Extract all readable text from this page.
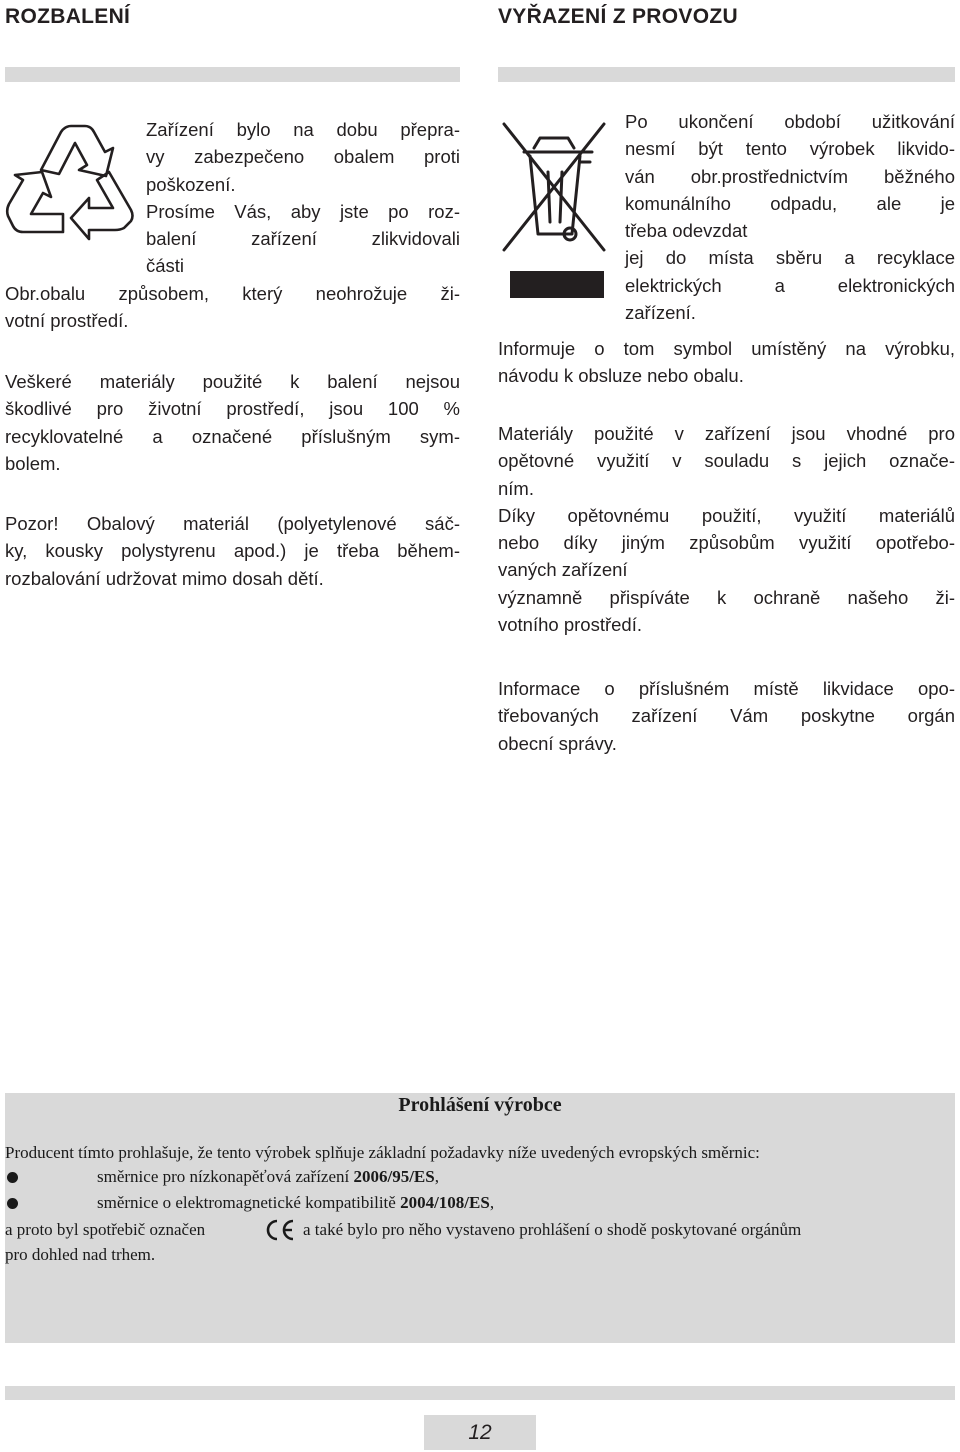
ROZBALENÍ	VYŘAZENÍ Z PROVOZU

Zařízení bylo na dobu přepra-

vy zabezpečeno obalem proti

poškození.

Prosíme Vás, aby jste po roz-

balení zařízení zlikvidovali

části

Obr.obalu způsobem, který neohrožuje ži-

votní prostředí.

Veškeré materiály použité k balení nejsou

škodlivé pro životní prostředí, jsou 100 %

recyklovatelné a označené příslušným sym-

bolem.

Pozor! Obalový materiál (polyetylenové sáč-

ky, kousky polystyrenu apod.) je třeba během-

rozbalování udržovat mimo dosah dětí.

Po ukončení období užitkování

nesmí být tento výrobek likvido-

ván obr.prostřednictvím běžného

komunálního odpadu, ale je

třeba odevzdat

jej do místa sběru a recyklace

elektrických a elektronických

zařízení.

Informuje o tom symbol umístěný na výrobku,

návodu k obsluze nebo obalu.

Materiály použité v zařízení jsou vhodné pro

opětovné využití v souladu s jejich označe-

ním.

Díky opětovnému použití, využití materiálů

nebo díky jiným způsobům využití opotřebo-

vaných zařízení

významně přispíváte k ochraně našeho ži-

votního prostředí.

Informace o příslušném místě likvidace opo-

třebovaných zařízení Vám poskytne orgán

obecní správy.

Prohlášení výrobce
Producent tímto prohlašuje, že tento výrobek splňuje základní požadavky níže uvedených evropských směrnic:
směrnice pro nízkonapěťová zařízení 2006/95/ES,
směrnice o elektromagnetické kompatibilitě 2004/108/ES,
a proto byl spotřebič označen	a také bylo pro něho vystaveno prohlášení o shodě poskytované orgánům
pro dohled nad trhem.
12
